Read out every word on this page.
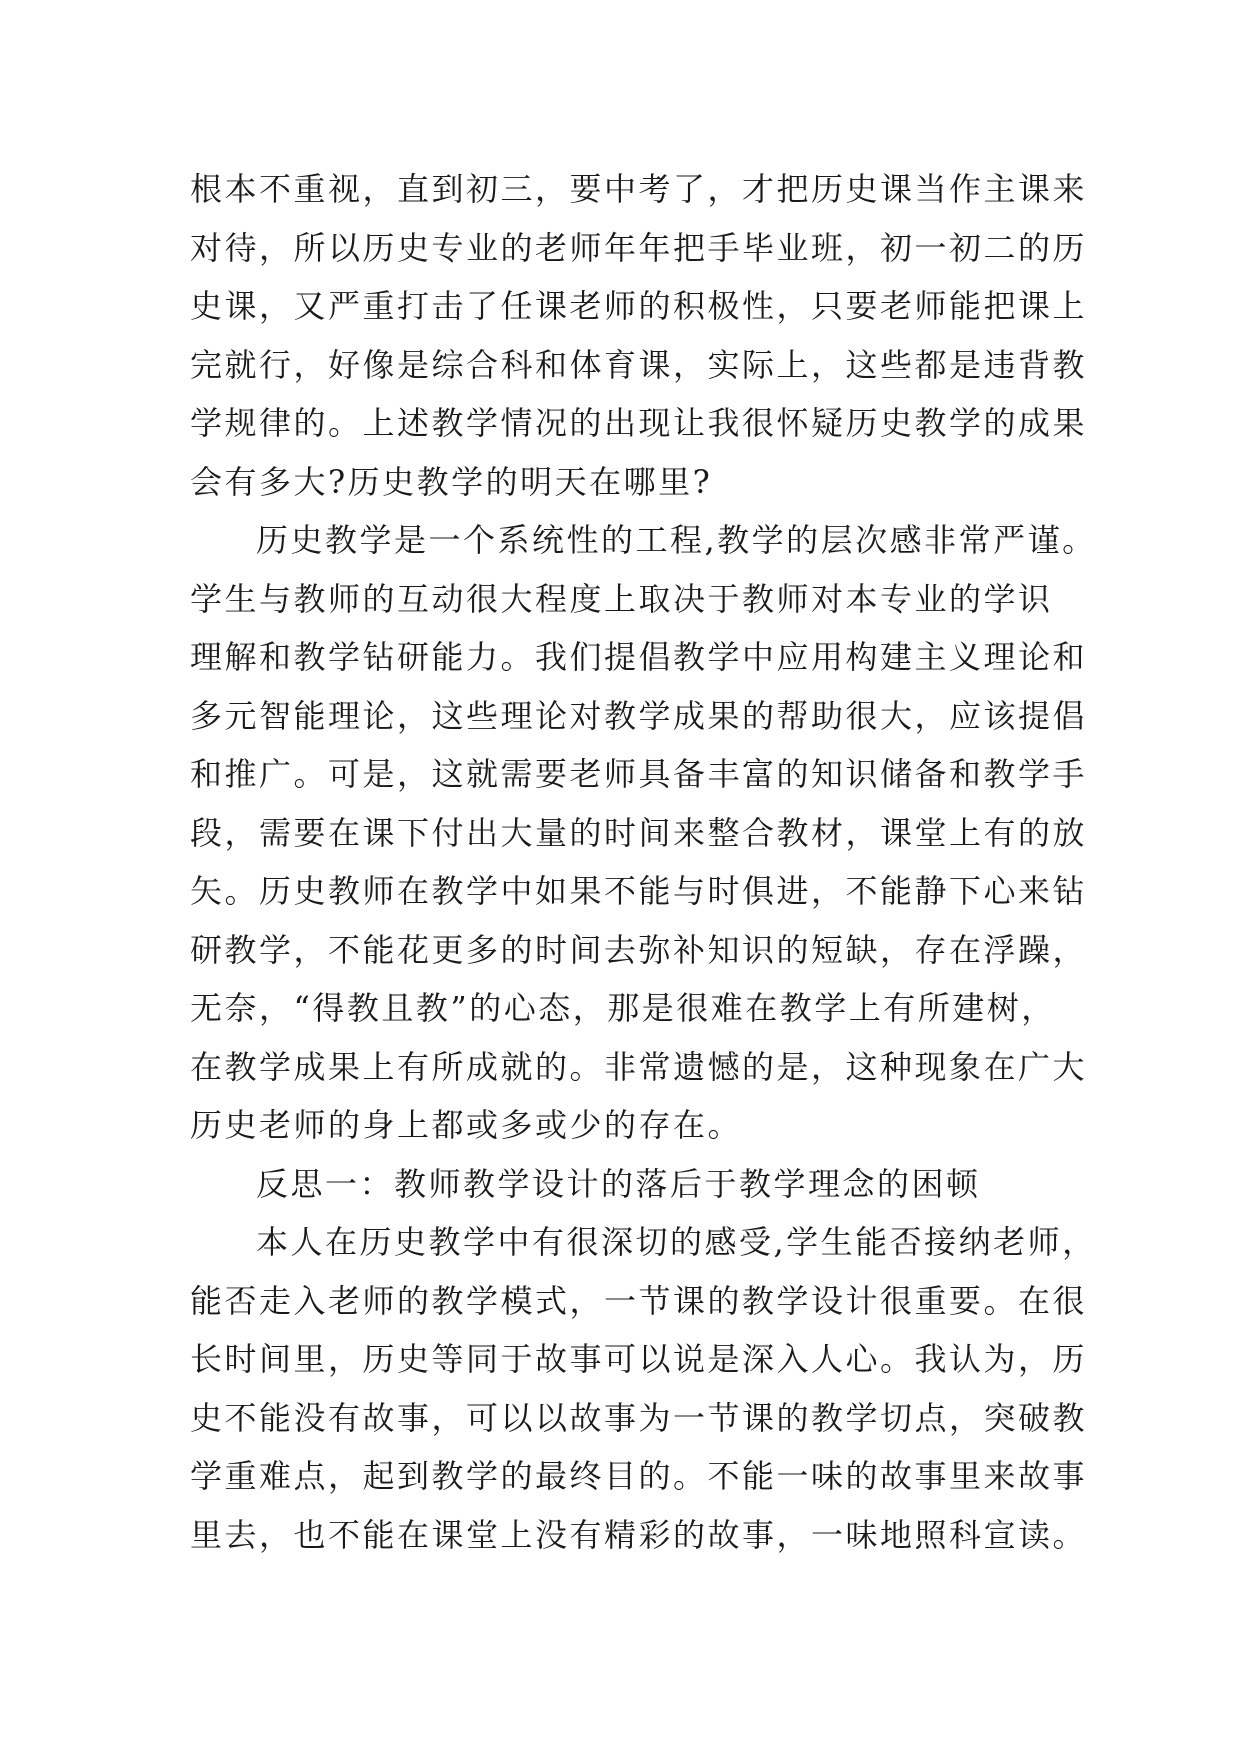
根本不重视，直到初三，要中考了，才把历史课当作主课来
对待，所以历史专业的老师年年把手毕业班，初一初二的历
史课，又严重打击了任课老师的积极性，只要老师能把课上
完就行，好像是综合科和体育课，实际上，这些都是违背教
学规律的。上述教学情况的出现让我很怀疑历史教学的成果
会有多大?历史教学的明天在哪里?
历史教学是一个系统性的工程,教学的层次感非常严谨。
学生与教师的互动很大程度上取决于教师对本专业的学识
理解和教学钻研能力。我们提倡教学中应用构建主义理论和
多元智能理论，这些理论对教学成果的帮助很大，应该提倡
和推广。可是，这就需要老师具备丰富的知识储备和教学手
段，需要在课下付出大量的时间来整合教材，课堂上有的放
矢。历史教师在教学中如果不能与时俱进，不能静下心来钻
研教学，不能花更多的时间去弥补知识的短缺，存在浮躁，
无奈，“得教且教”的心态，那是很难在教学上有所建树，
在教学成果上有所成就的。非常遗憾的是，这种现象在广大
历史老师的身上都或多或少的存在。
反思一：教师教学设计的落后于教学理念的困顿
本人在历史教学中有很深切的感受,学生能否接纳老师，
能否走入老师的教学模式，一节课的教学设计很重要。在很
长时间里，历史等同于故事可以说是深入人心。我认为，历
史不能没有故事，可以以故事为一节课的教学切点，突破教
学重难点，起到教学的最终目的。不能一味的故事里来故事
里去，也不能在课堂上没有精彩的故事，一味地照科宣读。
